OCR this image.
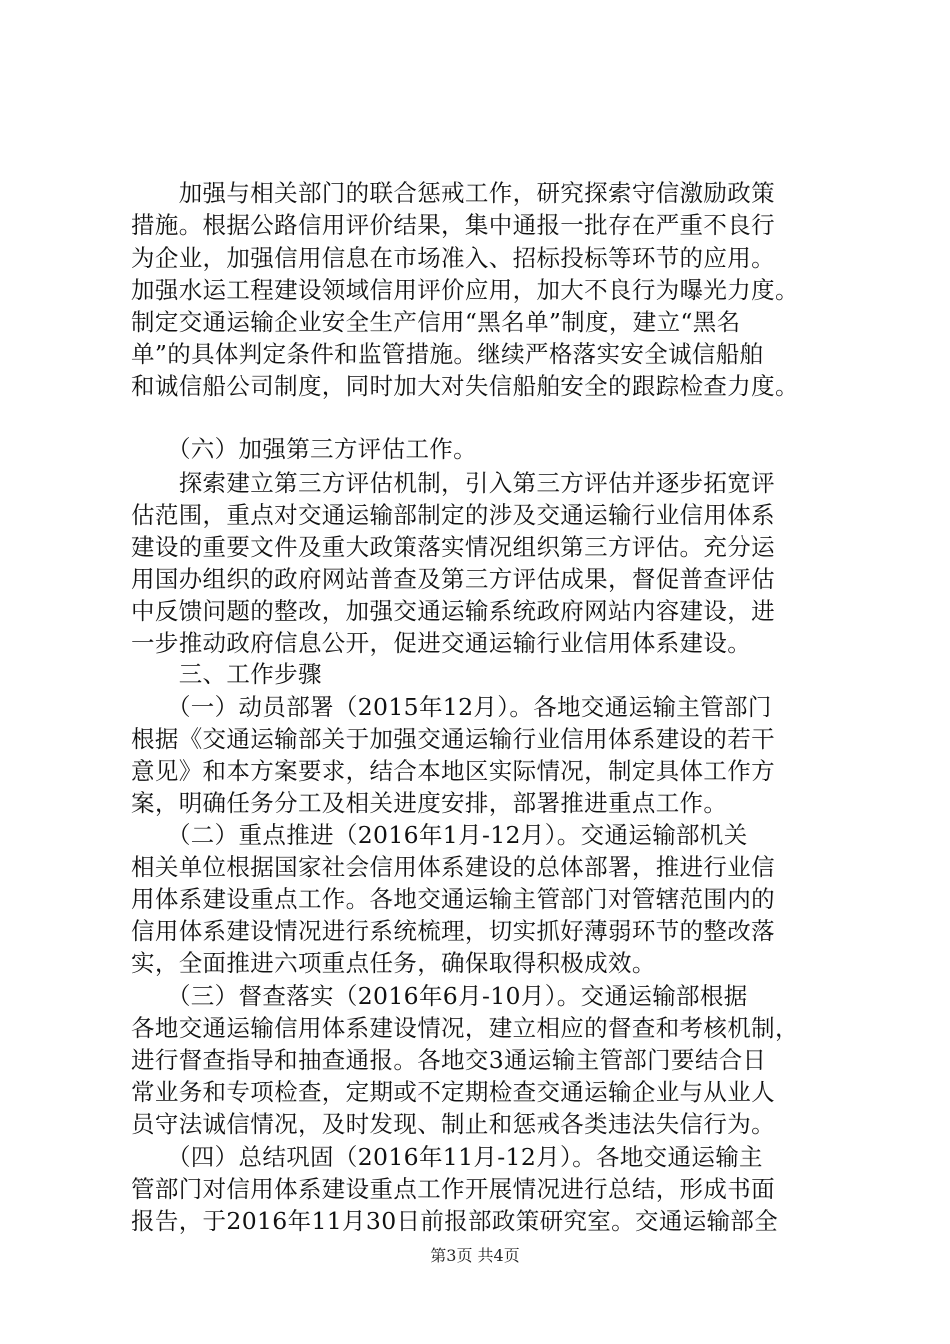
　　加强与相关部门的联合惩戒工作，研究探索守信激励政策
措施。根据公路信用评价结果，集中通报一批存在严重不良行
为企业，加强信用信息在市场准入、招标投标等环节的应用。
加强水运工程建设领域信用评价应用，加大不良行为曝光力度。
制定交通运输企业安全生产信用“黑名单”制度，建立“黑名
单”的具体判定条件和监管措施。继续严格落实安全诚信船舶
和诚信船公司制度，同时加大对失信船舶安全的跟踪检查力度。
　　（六）加强第三方评估工作。
　　探索建立第三方评估机制，引入第三方评估并逐步拓宽评
估范围，重点对交通运输部制定的涉及交通运输行业信用体系
建设的重要文件及重大政策落实情况组织第三方评估。充分运
用国办组织的政府网站普查及第三方评估成果，督促普查评估
中反馈问题的整改，加强交通运输系统政府网站内容建设，进
一步推动政府信息公开，促进交通运输行业信用体系建设。
　　三、工作步骤
　　（一）动员部署（2015年12月）。各地交通运输主管部门
根据《交通运输部关于加强交通运输行业信用体系建设的若干
意见》和本方案要求，结合本地区实际情况，制定具体工作方
案，明确任务分工及相关进度安排，部署推进重点工作。
　　（二）重点推进（2016年1月-12月）。交通运输部机关
相关单位根据国家社会信用体系建设的总体部署，推进行业信
用体系建设重点工作。各地交通运输主管部门对管辖范围内的
信用体系建设情况进行系统梳理，切实抓好薄弱环节的整改落
实，全面推进六项重点任务，确保取得积极成效。
　　（三）督查落实（2016年6月-10月）。交通运输部根据
各地交通运输信用体系建设情况，建立相应的督查和考核机制，
进行督查指导和抽查通报。各地交3通运输主管部门要结合日
常业务和专项检查，定期或不定期检查交通运输企业与从业人
员守法诚信情况，及时发现、制止和惩戒各类违法失信行为。
　　（四）总结巩固（2016年11月-12月）。各地交通运输主
管部门对信用体系建设重点工作开展情况进行总结，形成书面
报告，于2016年11月30日前报部政策研究室。交通运输部全
第3页 共4页
